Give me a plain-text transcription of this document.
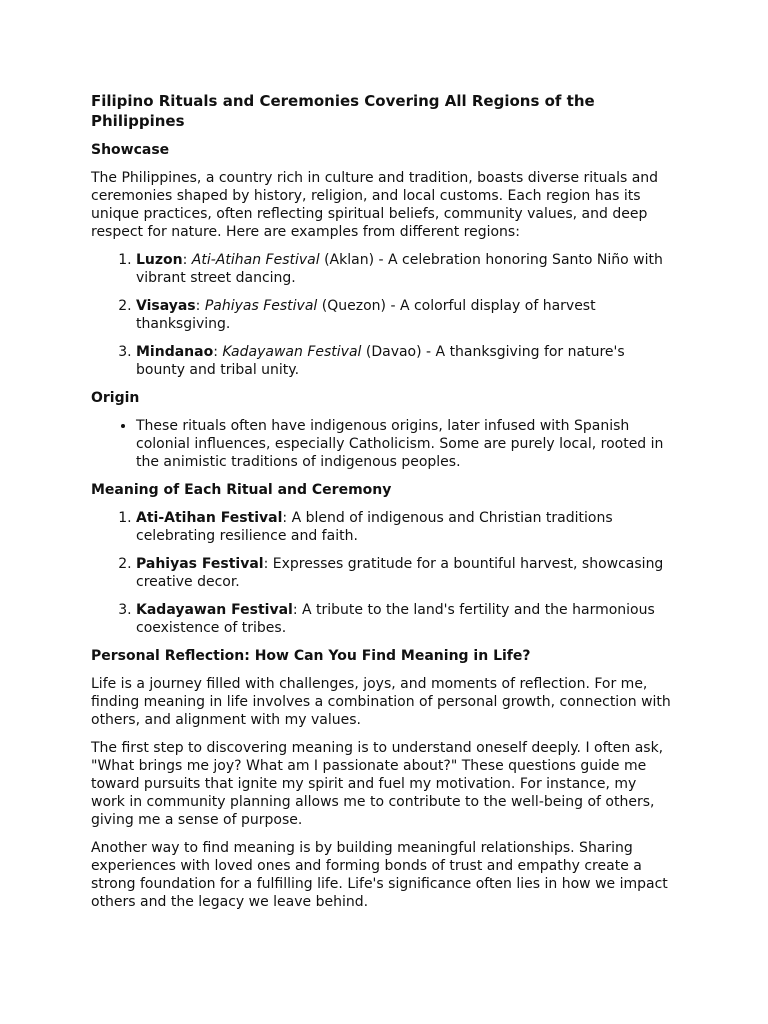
Filipino Rituals and Ceremonies Covering All Regions of the Philippines
Showcase

The Philippines, a country rich in culture and tradition, boasts diverse rituals and ceremonies shaped by history, religion, and local customs. Each region has its unique practices, often reflecting spiritual beliefs, community values, and deep respect for nature. Here are examples from different regions:

1. Luzon: Ati-Atihan Festival (Aklan) - A celebration honoring Santo Niño with vibrant street dancing.
2. Visayas: Pahiyas Festival (Quezon) - A colorful display of harvest thanksgiving.
3. Mindanao: Kadayawan Festival (Davao) - A thanksgiving for nature's bounty and tribal unity.
Origin
• These rituals often have indigenous origins, later infused with Spanish colonial influences, especially Catholicism. Some are purely local, rooted in the animistic traditions of indigenous peoples.
Meaning of Each Ritual and Ceremony
1. Ati-Atihan Festival: A blend of indigenous and Christian traditions celebrating resilience and faith.
2. Pahiyas Festival: Expresses gratitude for a bountiful harvest, showcasing creative decor.
3. Kadayawan Festival: A tribute to the land's fertility and the harmonious coexistence of tribes.
Personal Reflection: How Can You Find Meaning in Life?

Life is a journey filled with challenges, joys, and moments of reflection. For me, finding meaning in life involves a combination of personal growth, connection with others, and alignment with my values.

The first step to discovering meaning is to understand oneself deeply. I often ask, "What brings me joy? What am I passionate about?" These questions guide me toward pursuits that ignite my spirit and fuel my motivation. For instance, my work in community planning allows me to contribute to the well-being of others, giving me a sense of purpose.

Another way to find meaning is by building meaningful relationships. Sharing experiences with loved ones and forming bonds of trust and empathy create a strong foundation for a fulfilling life. Life's significance often lies in how we impact others and the legacy we leave behind.
